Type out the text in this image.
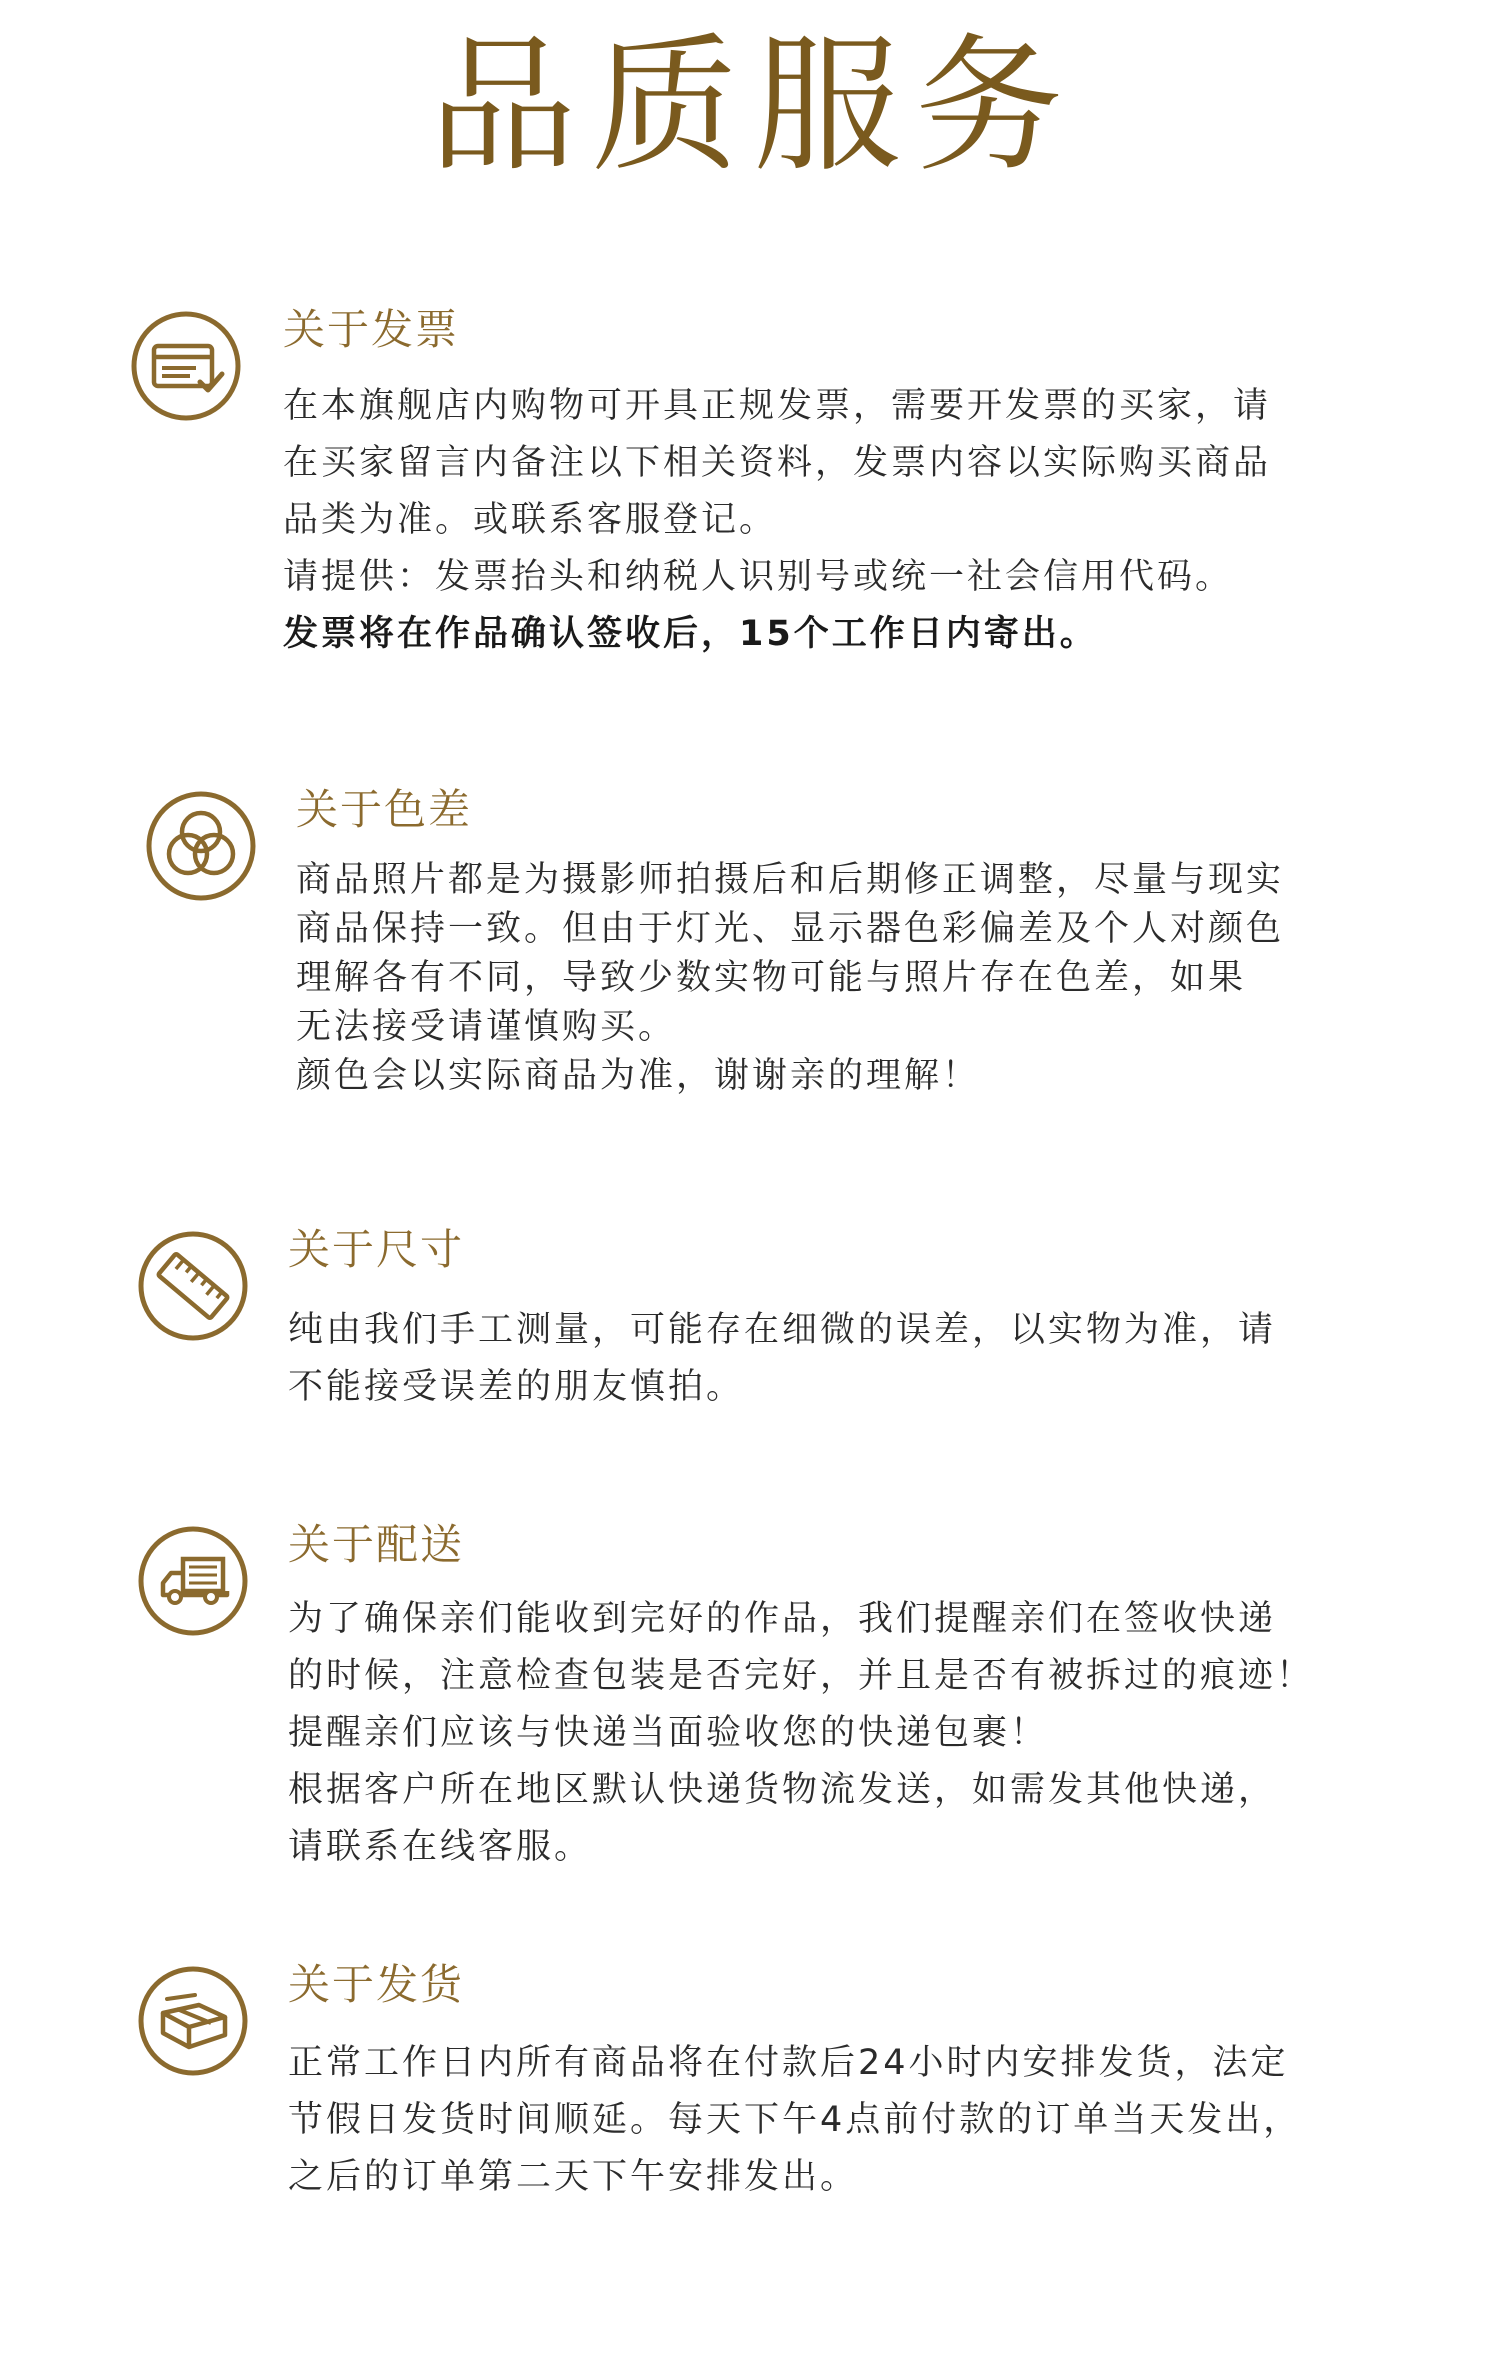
品质服务
关于发票

在本旗舰店内购物可开具正规发票，需要开发票的买家，请

在买家留言内备注以下相关资料，发票内容以实际购买商品

品类为准。或联系客服登记。

请提供：发票抬头和纳税人识别号或统一社会信用代码。

发票将在作品确认签收后，15个工作日内寄出。

关于色差

商品照片都是为摄影师拍摄后和后期修正调整，尽量与现实

商品保持一致。但由于灯光、显示器色彩偏差及个人对颜色

理解各有不同，导致少数实物可能与照片存在色差，如果

无法接受请谨慎购买。

颜色会以实际商品为准，谢谢亲的理解！

关于尺寸

纯由我们手工测量，可能存在细微的误差，以实物为准，请

不能接受误差的朋友慎拍。

关于配送

为了确保亲们能收到完好的作品，我们提醒亲们在签收快递

的时候，注意检查包装是否完好，并且是否有被拆过的痕迹！

提醒亲们应该与快递当面验收您的快递包裹！

根据客户所在地区默认快递货物流发送，如需发其他快递，

请联系在线客服。

关于发货

正常工作日内所有商品将在付款后24小时内安排发货，法定

节假日发货时间顺延。每天下午4点前付款的订单当天发出，

之后的订单第二天下午安排发出。
